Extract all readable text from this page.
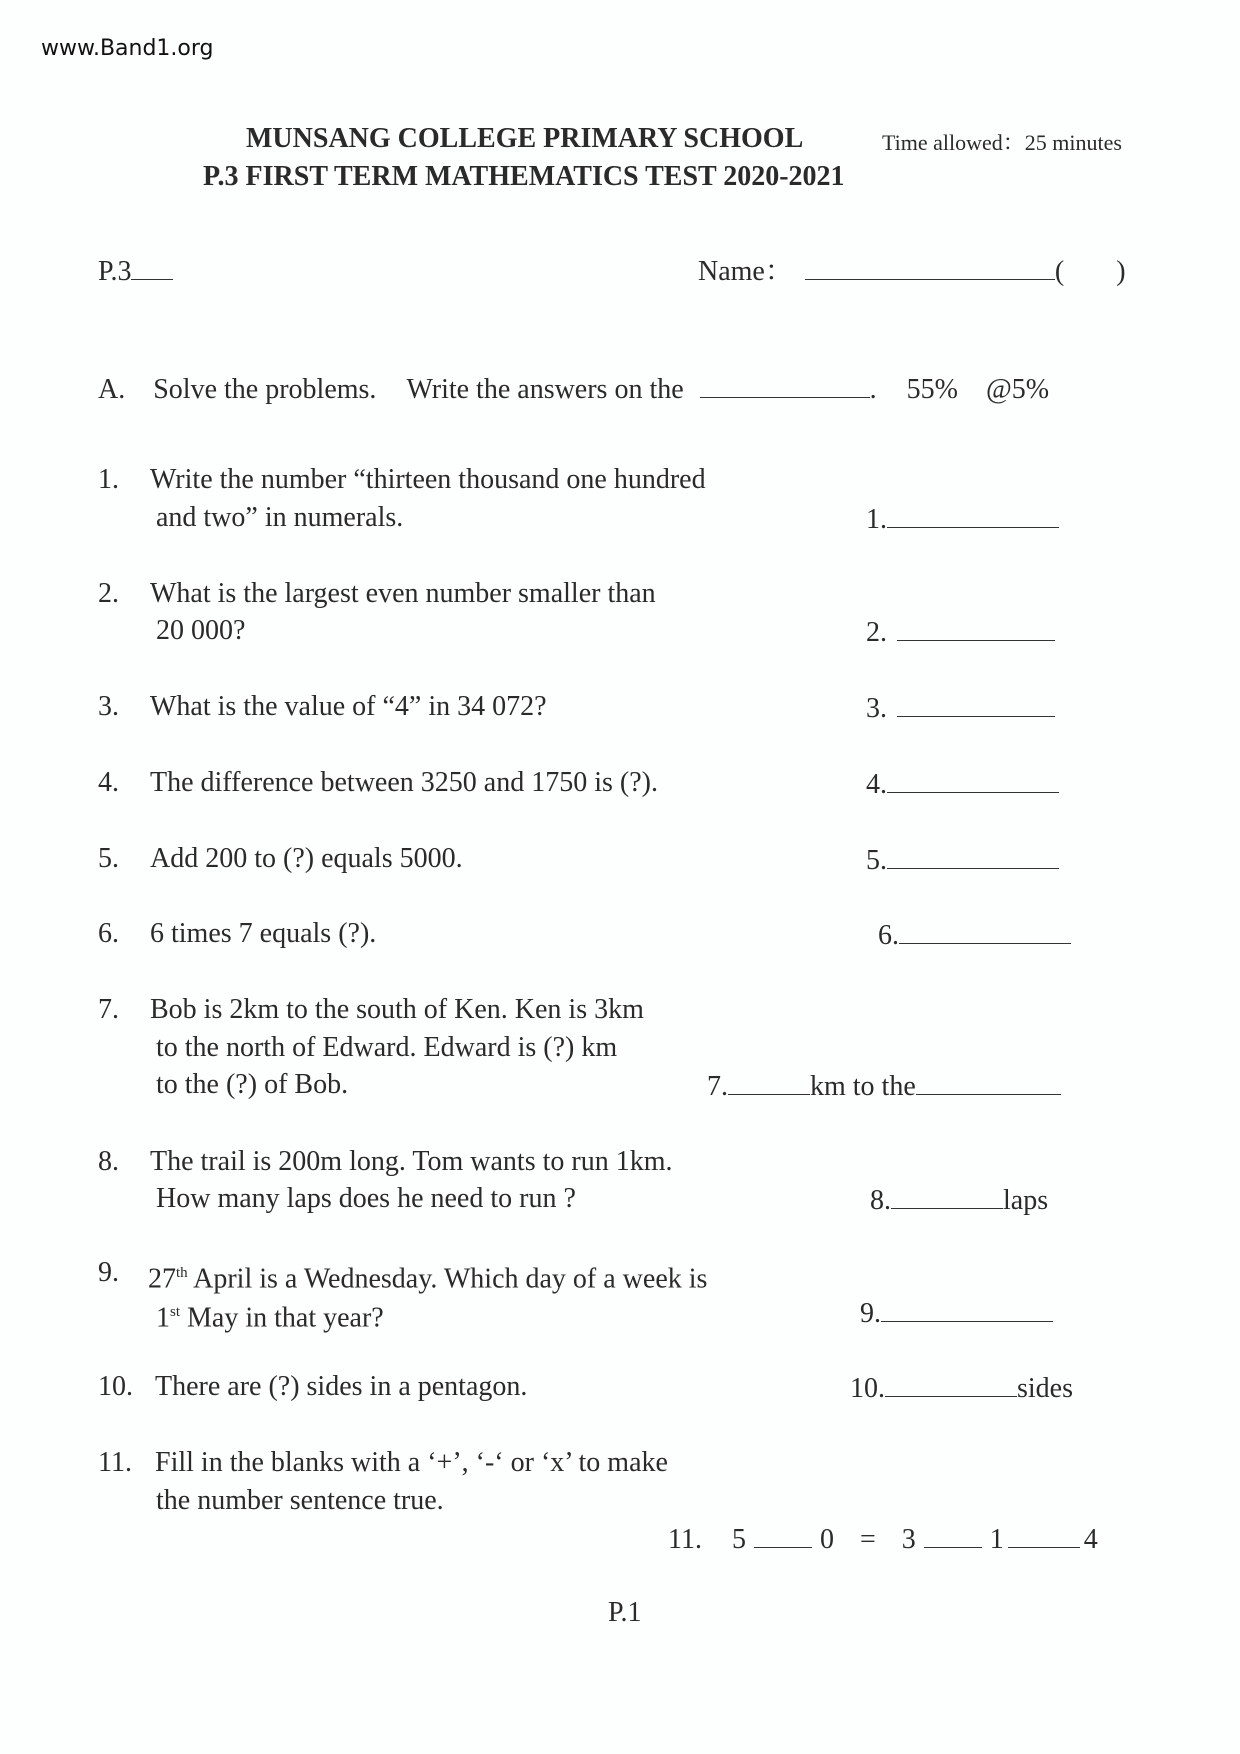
www.Band1.org
MUNSANG COLLEGE PRIMARY SCHOOL	Time allowed：25 minutes
P.3 FIRST TERM MATHEMATICS TEST 2020-2021
P.3	Name：	( )
A. Solve the problems. Write the answers on the	. 55% @5%
1. Write the number “thirteen thousand one hundred
and two” in numerals.	1.
2. What is the largest even number smaller than
20 000?	2.
3. What is the value of “4” in 34 072?	3.
4. The difference between 3250 and 1750 is (?).	4.
5. Add 200 to (?) equals 5000.	5.
6. 6 times 7 equals (?).	6.
7. Bob is 2km to the south of Ken. Ken is 3km
to the north of Edward. Edward is (?) km
to the (?) of Bob.	7.	km to the
8. The trail is 200m long. Tom wants to run 1km.
How many laps does he need to run ?	8.	laps
9. 27th April is a Wednesday. Which day of a week is
1st May in that year?	9.
10. There are (?) sides in a pentagon.	10.	sides
11. Fill in the blanks with a ‘+’, ‘-‘ or ‘x’ to make
the number sentence true.
11. 5	0 = 3	1	4
P.1
